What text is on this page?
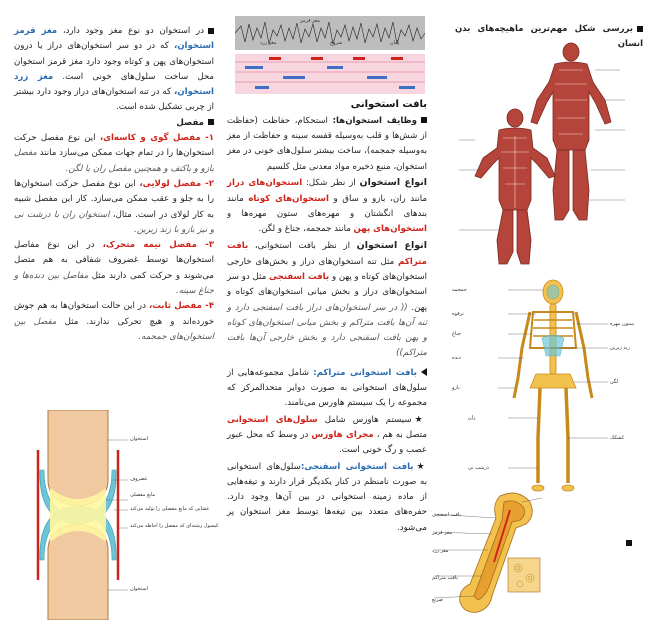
بررسی شکل مهم‌ترین ماهیچه‌های بدن انسان
جمجمه
ترقوه
جناغ
دنده
بازو
ران
درشت نی
ستون مهره
زند زبرین
لگن
کشکک
بافت اسفنجی
مغز قرمز
مغز زرد
بافت متراکم
ضریع
مغز قرمز
مغز زرد	شروع	پایان
بافت استخوانی
وظایف استخوان‌ها: استحکام، حفاظت (حفاظت از شش‌ها و قلب به‌وسیله قفسه سینه و حفاظت از مغز به‌وسیله جمجمه)، ساخت بیشتر سلول‌های خونی در مغز استخوان، منبع ذخیره مواد معدنی مثل کلسیم
انواع استخوان از نظر شکل: استخوان‌های دراز مانند ران، بازو و ساق و استخوان‌های کوتاه مانند بندهای انگشتان و مهره‌های ستون مهره‌ها و استخوان‌های پهن مانند جمجمه، جناغ و لگن.
انواع استخوان از نظر بافت استخوانی، بافت متراکم مثل تنه استخوان‌های دراز و بخش‌های خارجی استخوان‌های کوتاه و پهن و بافت اسفنجی مثل دو سر استخوان‌های دراز و بخش میانی استخوان‌های کوتاه و پهن. (( در سر استخوان‌های دراز بافت اسفنجی دارد و تنه آن‌ها بافت متراکم و بخش میانی استخوان‌های کوتاه و پهن بافت اسفنجی دارد و بخش خارجی آن‌ها بافت متراکم))
بافت استخوانی متراکم: شامل مجموعه‌هایی از سلول‌های استخوانی به صورت دوایر متحدالمرکز که مجموعه را یک سیستم هاورس می‌نامند.
★سیستم هاورس شامل سلول‌های استخوانی متصل به هم ، مجرای هاورس در وسط که محل عبور عصب و رگ خونی است.
★بافت استخوانی اسفنجی:سلول‌های استخوانی به صورت نامنظم در کنار یکدیگر قرار دارند و تیغه‌هایی از ماده زمینه استخوانی در بین آن‌ها وجود دارد. حفره‌های متعدد بین تیغه‌ها توسط مغز استخوان پر می‌شود.
در استخوان دو نوع مغز وجود دارد، مغز قرمز استخوان، که در دو سر استخوان‌های دراز یا درون استخوان‌های پهن و کوتاه وجود دارد مغز قرمز استخوان محل ساخت سلول‌های خونی است. مغز زرد استخوان، که در تنه استخوان‌های دراز وجود دارد بیشتر از چربی تشکیل شده است.
مفصل
۱- مفصل گوی و کاسه‌ای، این نوع مفصل حرکت استخوان‌ها را در تمام جهات ممکن می‌سازد مانند مفصل بازو و باکتف و همچنین مفصل ران با لگن.
۲- مفصل لولایی، این نوع مفصل حرکت استخوان‌ها را به جلو و عقب ممکن می‌سازد. کار این مفصل شبیه به کار لولای در است. مثال، استخوان ران با درشت نی و نیز بازو با زند زیرین.
۳- مفصل نیمه متحرک، در این نوع مفاصل استخوان‌ها توسط غضروف شفافی به هم متصل می‌شوند و حرکت کمی دارند مثل مفاصل بین دنده‌ها و جناغ سینه.
۴- مفصل ثابت، در این حالت استخوان‌ها به هم جوش خورده‌اند و هیچ تحرکی ندارند. مثل مفصل بین استخوان‌های جمجمه.
استخوان
غضروف
مایع مفصلی
غشایی که مایع مفصلی را تولید می‌کند
کپسول رشته‌ای که مفصل را احاطه می‌کند
استخوان
